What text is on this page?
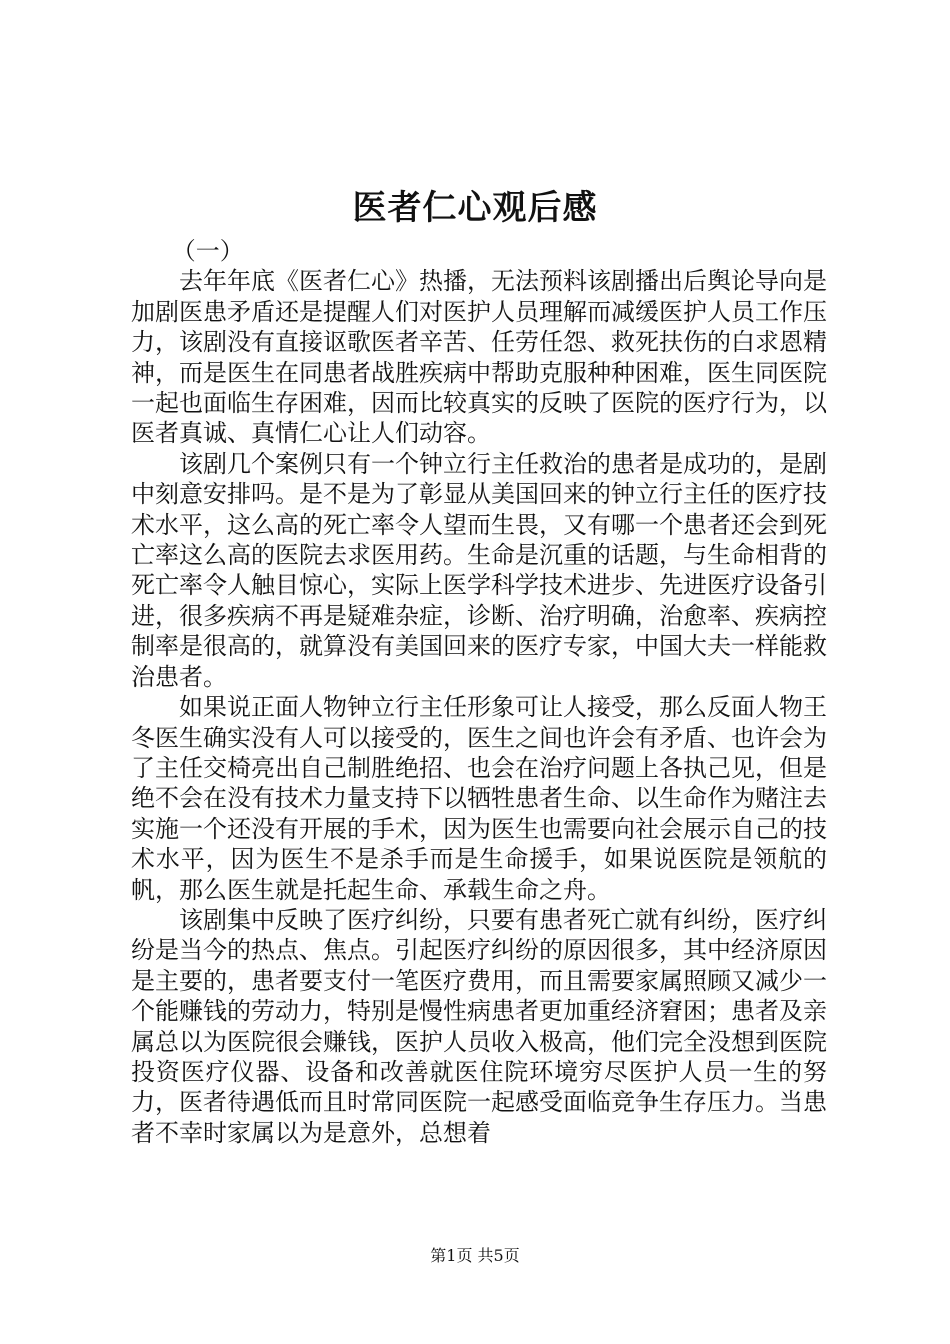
医者仁心观后感

（一）

去年年底《医者仁心》热播，无法预料该剧播出后舆论导向是加剧医患矛盾还是提醒人们对医护人员理解而减缓医护人员工作压力，该剧没有直接讴歌医者辛苦、任劳任怨、救死扶伤的白求恩精神，而是医生在同患者战胜疾病中帮助克服种种困难，医生同医院一起也面临生存困难，因而比较真实的反映了医院的医疗行为，以医者真诚、真情仁心让人们动容。

该剧几个案例只有一个钟立行主任救治的患者是成功的，是剧中刻意安排吗。是不是为了彰显从美国回来的钟立行主任的医疗技术水平，这么高的死亡率令人望而生畏，又有哪一个患者还会到死亡率这么高的医院去求医用药。生命是沉重的话题，与生命相背的死亡率令人触目惊心，实际上医学科学技术进步、先进医疗设备引进，很多疾病不再是疑难杂症，诊断、治疗明确，治愈率、疾病控制率是很高的，就算没有美国回来的医疗专家，中国大夫一样能救治患者。

如果说正面人物钟立行主任形象可让人接受，那么反面人物王冬医生确实没有人可以接受的，医生之间也许会有矛盾、也许会为了主任交椅亮出自己制胜绝招、也会在治疗问题上各执己见，但是绝不会在没有技术力量支持下以牺牲患者生命、以生命作为赌注去实施一个还没有开展的手术，因为医生也需要向社会展示自己的技术水平，因为医生不是杀手而是生命援手，如果说医院是领航的帆，那么医生就是托起生命、承载生命之舟。

该剧集中反映了医疗纠纷，只要有患者死亡就有纠纷，医疗纠纷是当今的热点、焦点。引起医疗纠纷的原因很多，其中经济原因是主要的，患者要支付一笔医疗费用，而且需要家属照顾又减少一个能赚钱的劳动力，特别是慢性病患者更加重经济窘困；患者及亲属总以为医院很会赚钱，医护人员收入极高，他们完全没想到医院投资医疗仪器、设备和改善就医住院环境穷尽医护人员一生的努力，医者待遇低而且时常同医院一起感受面临竞争生存压力。当患者不幸时家属以为是意外，总想着

第1页 共5页
